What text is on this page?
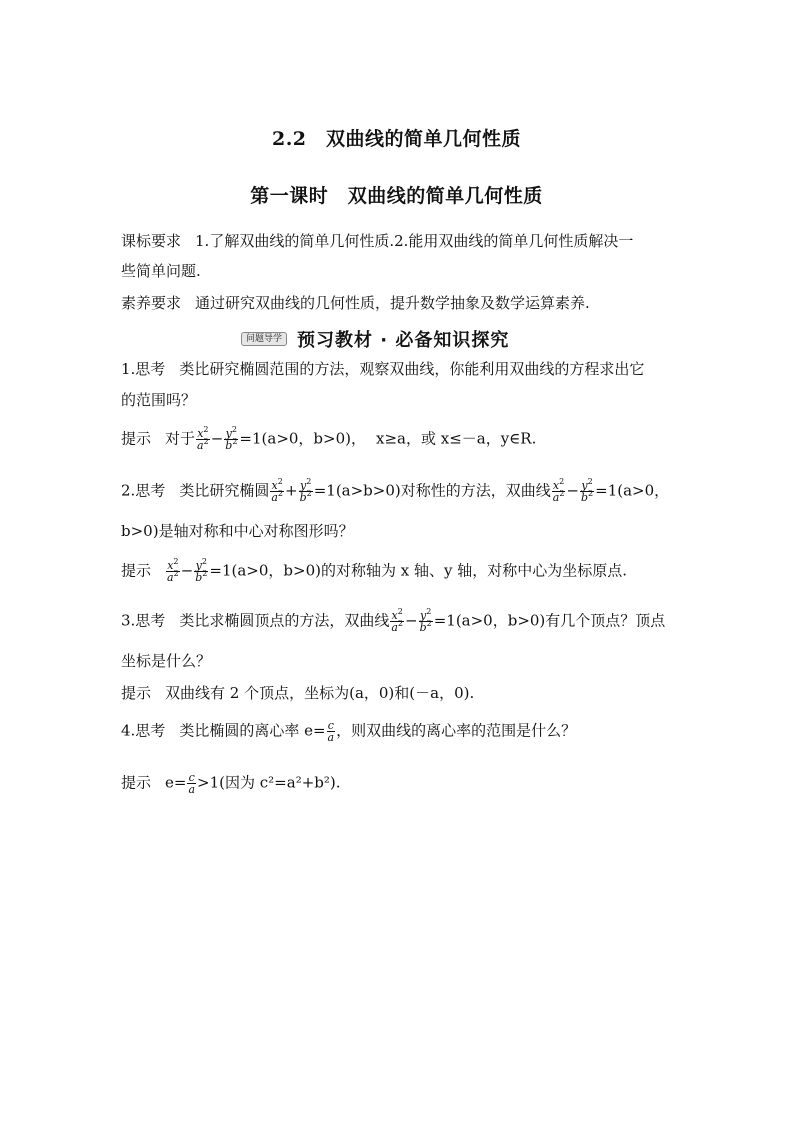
2.2　双曲线的简单几何性质
第一课时　双曲线的简单几何性质
课标要求 1.了解双曲线的简单几何性质.2.能用双曲线的简单几何性质解决一
些简单问题.
素养要求 通过研究双曲线的几何性质，提升数学抽象及数学运算素养.
问题导学 预习教材 · 必备知识探究
1.思考 类比研究椭圆范围的方法，观察双曲线，你能利用双曲线的方程求出它
的范围吗？
提示 对于 $\frac{x^2}{a^2} - \frac{y^2}{b^2} =1(a>0$，b>0)， x≥a，或 x≤－a，y∈R.
2.思考 类比研究椭圆 $\frac{x^2}{a^2} + \frac{y^2}{b^2} =1(a>b>0)$对称性的方法，双曲线 $\frac{x^2}{a^2} - \frac{y^2}{b^2} =1(a>0$，
b>0)是轴对称和中心对称图形吗？
提示 $\frac{x^2}{a^2} - \frac{y^2}{b^2} =1(a>0$，b>0)的对称轴为 x 轴、y 轴，对称中心为坐标原点.
3.思考 类比求椭圆顶点的方法，双曲线 $\frac{x^2}{a^2} - \frac{y^2}{b^2} =1(a>0$，b>0)有几个顶点？顶点
坐标是什么？
提示 双曲线有 2 个顶点，坐标为(a，0)和(－a，0).
4.思考 类比椭圆的离心率 $e= \frac{c}{a}$ ，则双曲线的离心率的范围是什么？
提示 $e= \frac{c}{a} >1$(因为 c²=a²+b²).
